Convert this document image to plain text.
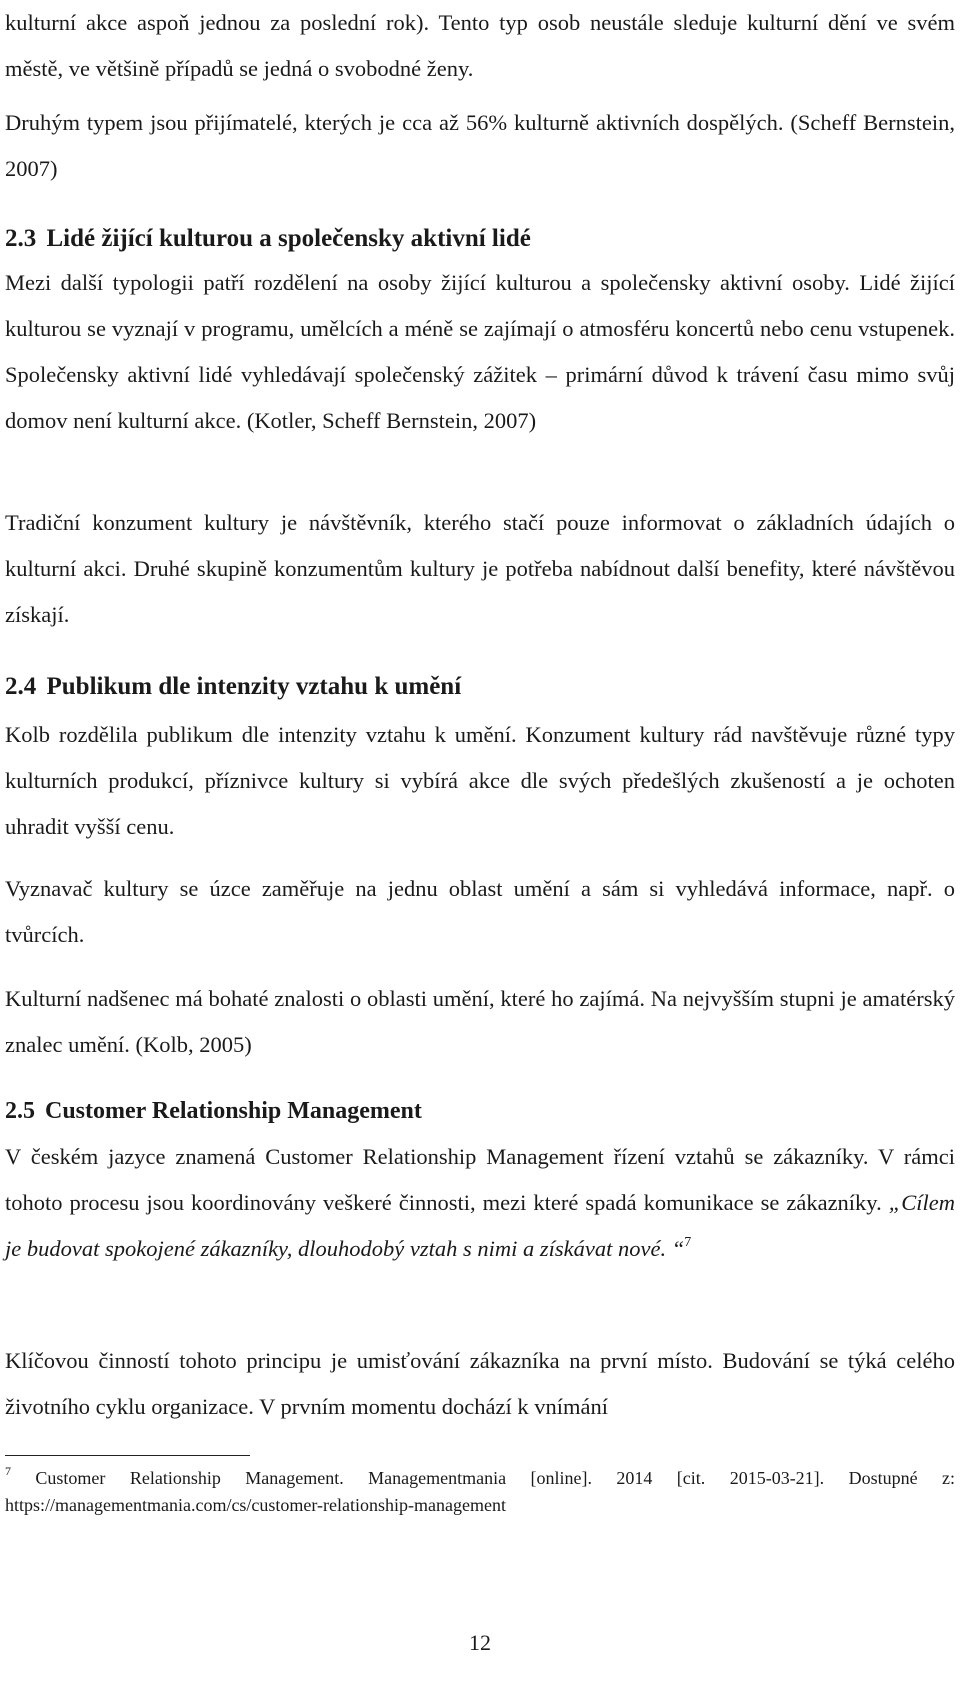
kulturní akce aspoň jednou za poslední rok). Tento typ osob neustále sleduje kulturní dění ve svém městě, ve většině případů se jedná o svobodné ženy.

Druhým typem jsou přijímatelé, kterých je cca až 56% kulturně aktivních dospělých. (Scheff Bernstein, 2007)

2.3 Lidé žijící kulturou a společensky aktivní lidé

Mezi další typologii patří rozdělení na osoby žijící kulturou a společensky aktivní osoby. Lidé žijící kulturou se vyznají v programu, umělcích a méně se zajímají o atmosféru koncertů nebo cenu vstupenek. Společensky aktivní lidé vyhledávají společenský zážitek – primární důvod k trávení času mimo svůj domov není kulturní akce. (Kotler, Scheff Bernstein, 2007)

Tradiční konzument kultury je návštěvník, kterého stačí pouze informovat o základních údajích o kulturní akci. Druhé skupině konzumentům kultury je potřeba nabídnout další benefity, které návštěvou získají.

2.4 Publikum dle intenzity vztahu k umění

Kolb rozdělila publikum dle intenzity vztahu k umění. Konzument kultury rád navštěvuje různé typy kulturních produkcí, příznivce kultury si vybírá akce dle svých předešlých zkušeností a je ochoten uhradit vyšší cenu.

Vyznavač kultury se úzce zaměřuje na jednu oblast umění a sám si vyhledává informace, např. o tvůrcích.

Kulturní nadšenec má bohaté znalosti o oblasti umění, které ho zajímá. Na nejvyšším stupni je amatérský znalec umění. (Kolb, 2005)

2.5 Customer Relationship Management

V českém jazyce znamená Customer Relationship Management řízení vztahů se zákazníky. V rámci tohoto procesu jsou koordinovány veškeré činnosti, mezi které spadá komunikace se zákazníky. „Cílem je budovat spokojené zákazníky, dlouhodobý vztah s nimi a získávat nové. “$^7$

Klíčovou činností tohoto principu je umisťování zákazníka na první místo. Budování se týká celého životního cyklu organizace. V prvním momentu dochází k vnímání

$^7$ Customer Relationship Management. Managementmania [online]. 2014 [cit. 2015-03-21]. Dostupné z: https://managementmania.com/cs/customer-relationship-management

12
